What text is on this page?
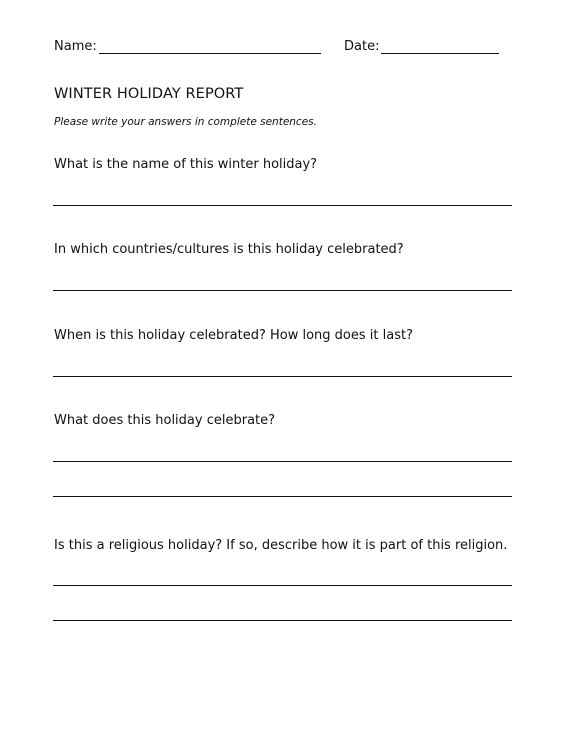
Name:	Date:
WINTER HOLIDAY REPORT
Please write your answers in complete sentences.
What is the name of this winter holiday?
In which countries/cultures is this holiday celebrated?
When is this holiday celebrated? How long does it last?
What does this holiday celebrate?
Is this a religious holiday? If so, describe how it is part of this religion.
